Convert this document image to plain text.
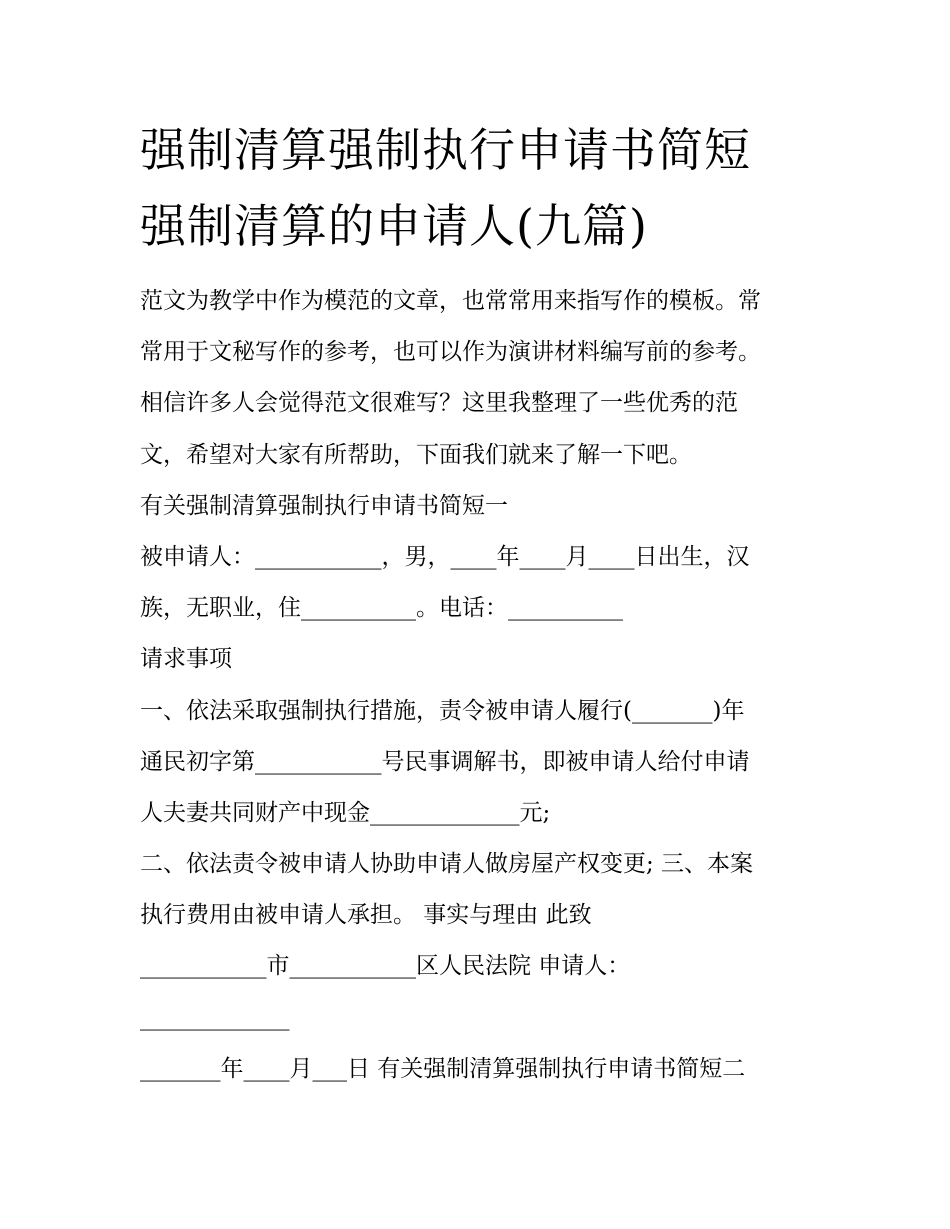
强制清算强制执行申请书简短
强制清算的申请人(九篇)
范文为教学中作为模范的文章，也常常用来指写作的模板。常
常用于文秘写作的参考，也可以作为演讲材料编写前的参考。
相信许多人会觉得范文很难写？这里我整理了一些优秀的范
文，希望对大家有所帮助，下面我们就来了解一下吧。
有关强制清算强制执行申请书简短一
被申请人：___________，男，____年____月____日出生，汉
族，无职业，住__________。电话：__________
请求事项
一、依法采取强制执行措施，责令被申请人履行(_______)年
通民初字第___________号民事调解书，即被申请人给付申请
人夫妻共同财产中现金_____________元;
二、依法责令被申请人协助申请人做房屋产权变更; 三、本案
执行费用由被申请人承担。 事实与理由 此致
___________市___________区人民法院 申请人：
_____________
_______年____月___日 有关强制清算强制执行申请书简短二
